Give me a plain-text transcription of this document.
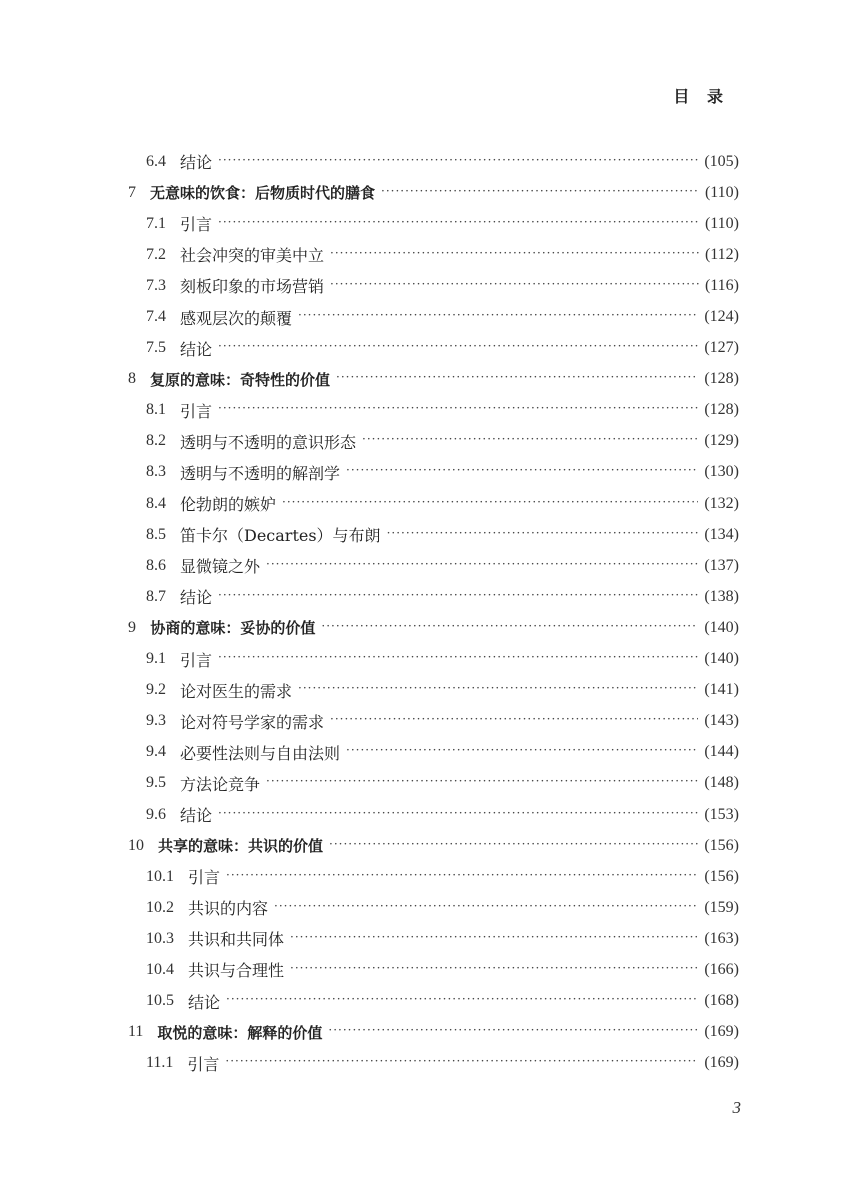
目 录
6.4 结论 ·····	(105)
7 无意味的饮食：后物质时代的膳食 ·····	(110)
7.1 引言 ·····	(110)
7.2 社会冲突的审美中立 ·····	(112)
7.3 刻板印象的市场营销 ·····	(116)
7.4 感观层次的颠覆 ·····	(124)
7.5 结论 ·····	(127)
8 复原的意味：奇特性的价值 ·····	(128)
8.1 引言 ·····	(128)
8.2 透明与不透明的意识形态 ·····	(129)
8.3 透明与不透明的解剖学 ·····	(130)
8.4 伦勃朗的嫉妒 ·····	(132)
8.5 笛卡尔（Decartes）与布朗 ·····	(134)
8.6 显微镜之外 ·····	(137)
8.7 结论 ·····	(138)
9 协商的意味：妥协的价值 ·····	(140)
9.1 引言 ·····	(140)
9.2 论对医生的需求 ·····	(141)
9.3 论对符号学家的需求 ·····	(143)
9.4 必要性法则与自由法则 ·····	(144)
9.5 方法论竞争 ·····	(148)
9.6 结论 ·····	(153)
10 共享的意味：共识的价值 ·····	(156)
10.1 引言 ·····	(156)
10.2 共识的内容 ·····	(159)
10.3 共识和共同体 ·····	(163)
10.4 共识与合理性 ·····	(166)
10.5 结论 ·····	(168)
11 取悦的意味：解释的价值 ·····	(169)
11.1 引言 ·····	(169)
3
